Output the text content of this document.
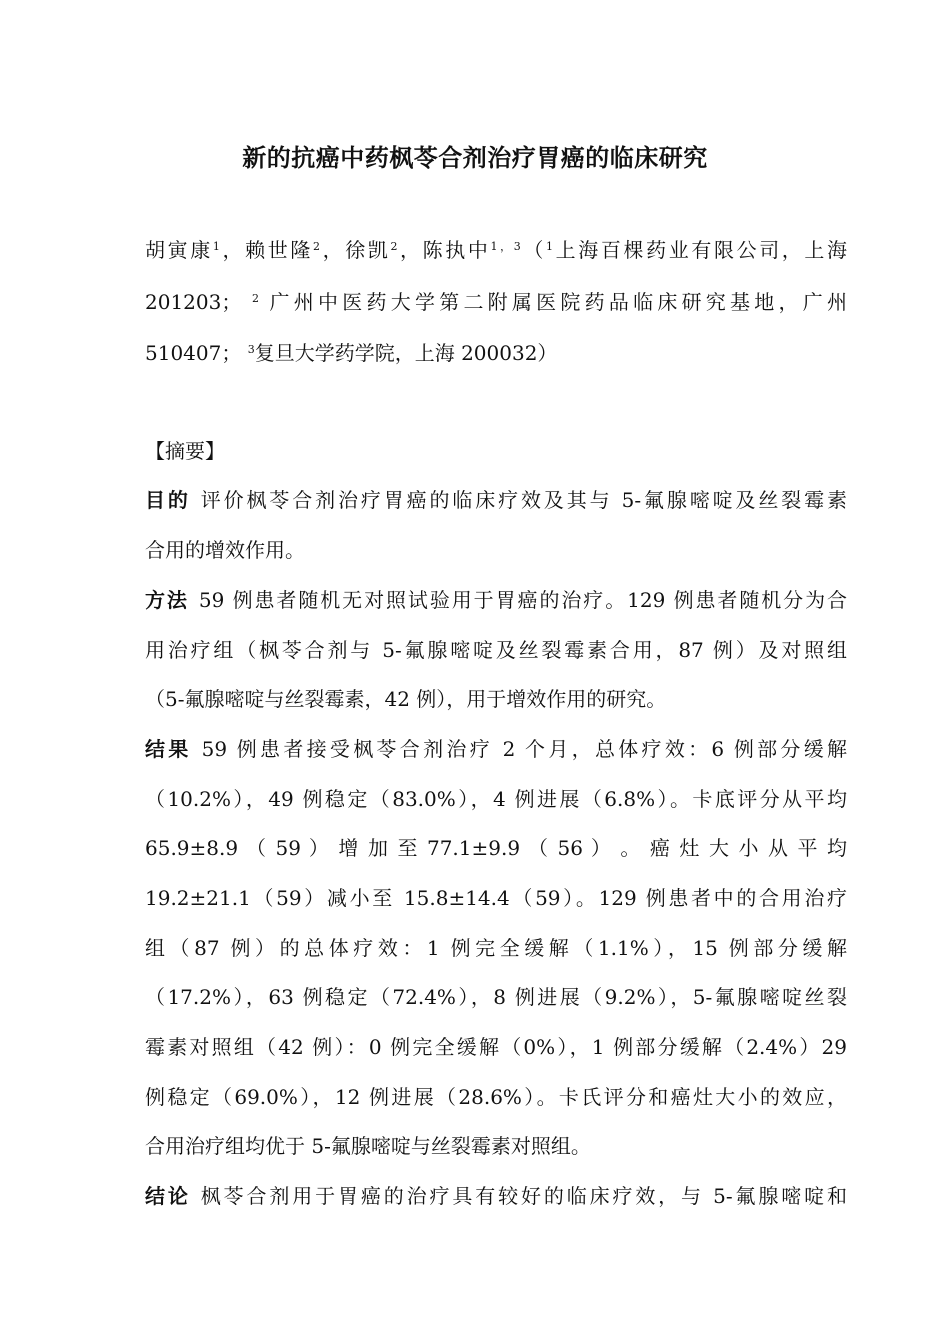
新的抗癌中药枫苓合剂治疗胃癌的临床研究
胡寅康$^1$，赖世隆$^2$，徐凯$^2$，陈执中$^{1,3}$（$^1$上海百棵药业有限公司，上海
201203； $^2$ 广州中医药大学第二附属医院药品临床研究基地，广州
510407； $^3$复旦大学药学院，上海 200032）
【摘要】
目的 评价枫苓合剂治疗胃癌的临床疗效及其与 5-氟腺嘧啶及丝裂霉素
合用的增效作用。
方法 59 例患者随机无对照试验用于胃癌的治疗。129 例患者随机分为合
用治疗组（枫苓合剂与 5-氟腺嘧啶及丝裂霉素合用，87 例）及对照组
（5-氟腺嘧啶与丝裂霉素，42 例），用于增效作用的研究。
结果 59 例患者接受枫苓合剂治疗 2 个月，总体疗效：6 例部分缓解
（10.2%），49 例稳定（83.0%），4 例进展（6.8%）。卡底评分从平均
65.9±8.9 （ 59 ） 增 加 至 77.1±9.9 （ 56 ） 。 癌 灶 大 小 从 平 均
19.2±21.1（59）减小至 15.8±14.4（59）。129 例患者中的合用治疗
组（87 例）的总体疗效：1 例完全缓解（1.1%），15 例部分缓解
（17.2%），63 例稳定（72.4%），8 例进展（9.2%），5-氟腺嘧啶丝裂
霉素对照组（42 例）：0 例完全缓解（0%），1 例部分缓解（2.4%）29
例稳定（69.0%），12 例进展（28.6%）。卡氏评分和癌灶大小的效应，
合用治疗组均优于 5-氟腺嘧啶与丝裂霉素对照组。
结论 枫苓合剂用于胃癌的治疗具有较好的临床疗效，与 5-氟腺嘧啶和
